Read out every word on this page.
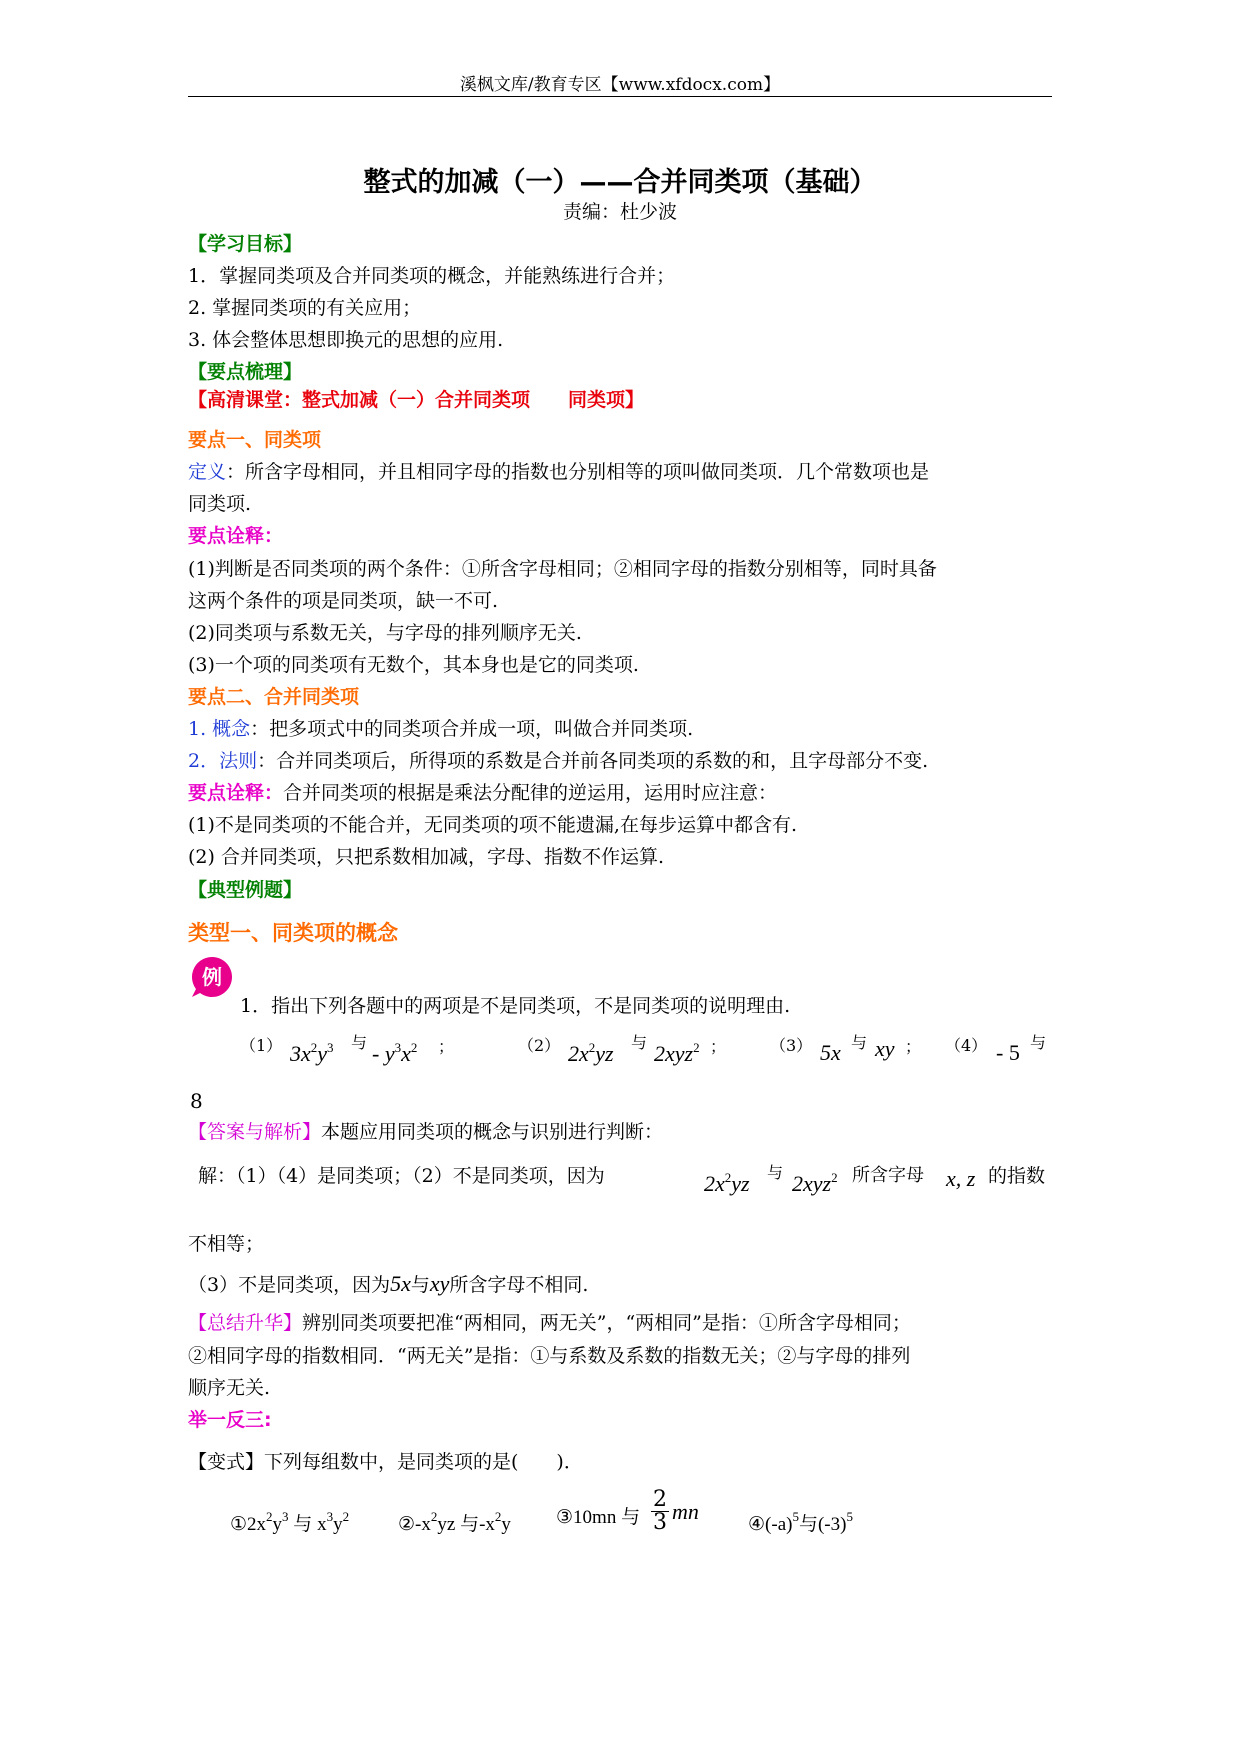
溪枫文库/教育专区【www.xfdocx.com】
整式的加减（一）——合并同类项（基础）
责编：杜少波
【学习目标】
1．掌握同类项及合并同类项的概念，并能熟练进行合并；
2. 掌握同类项的有关应用；
3. 体会整体思想即换元的思想的应用.
【要点梳理】
【高清课堂：整式加减（一）合并同类项　　同类项】
要点一、同类项
定义：所含字母相同，并且相同字母的指数也分别相等的项叫做同类项．几个常数项也是
同类项.
要点诠释：
(1)判断是否同类项的两个条件：①所含字母相同；②相同字母的指数分别相等，同时具备
这两个条件的项是同类项，缺一不可.
(2)同类项与系数无关，与字母的排列顺序无关.
(3)一个项的同类项有无数个，其本身也是它的同类项.
要点二、合并同类项
1. 概念：把多项式中的同类项合并成一项，叫做合并同类项.
2．法则：合并同类项后，所得项的系数是合并前各同类项的系数的和，且字母部分不变.
要点诠释：合并同类项的根据是乘法分配律的逆运用，运用时应注意：
(1)不是同类项的不能合并，无同类项的项不能遗漏,在每步运算中都含有.
(2) 合并同类项，只把系数相加减，字母、指数不作运算.
【典型例题】
类型一、同类项的概念
例
1．指出下列各题中的两项是不是同类项，不是同类项的说明理由.
（1） $3x^2y^3$ 与 - $y^3x^2$ ；	（2） $2x^2yz$ 与 2xyz$^2$ ；	（3） 5x 与 xy ； （4） - 5 与
8
【答案与解析】本题应用同类项的概念与识别进行判断：
解：（1）（4）是同类项；（2）不是同类项，因为	$2x^2yz$ 与 2xyz$^2$ 所含字母 x, z 的指数
不相等；
（3）不是同类项，因为5x与xy所含字母不相同.
【总结升华】辨别同类项要把准“两相同，两无关”，“两相同”是指：①所含字母相同；
②相同字母的指数相同．“两无关”是指：①与系数及系数的指数无关；②与字母的排列
顺序无关.
举一反三:
【变式】下列每组数中，是同类项的是(　　)．
$①2x^2y^3$ 与 $x^3y^2$	$②-x^2yz$ 与$-x^2y$ ③10mn 与 $\frac{2}{3}$ mn
$④(-a)^5$与$(-3)^5$
